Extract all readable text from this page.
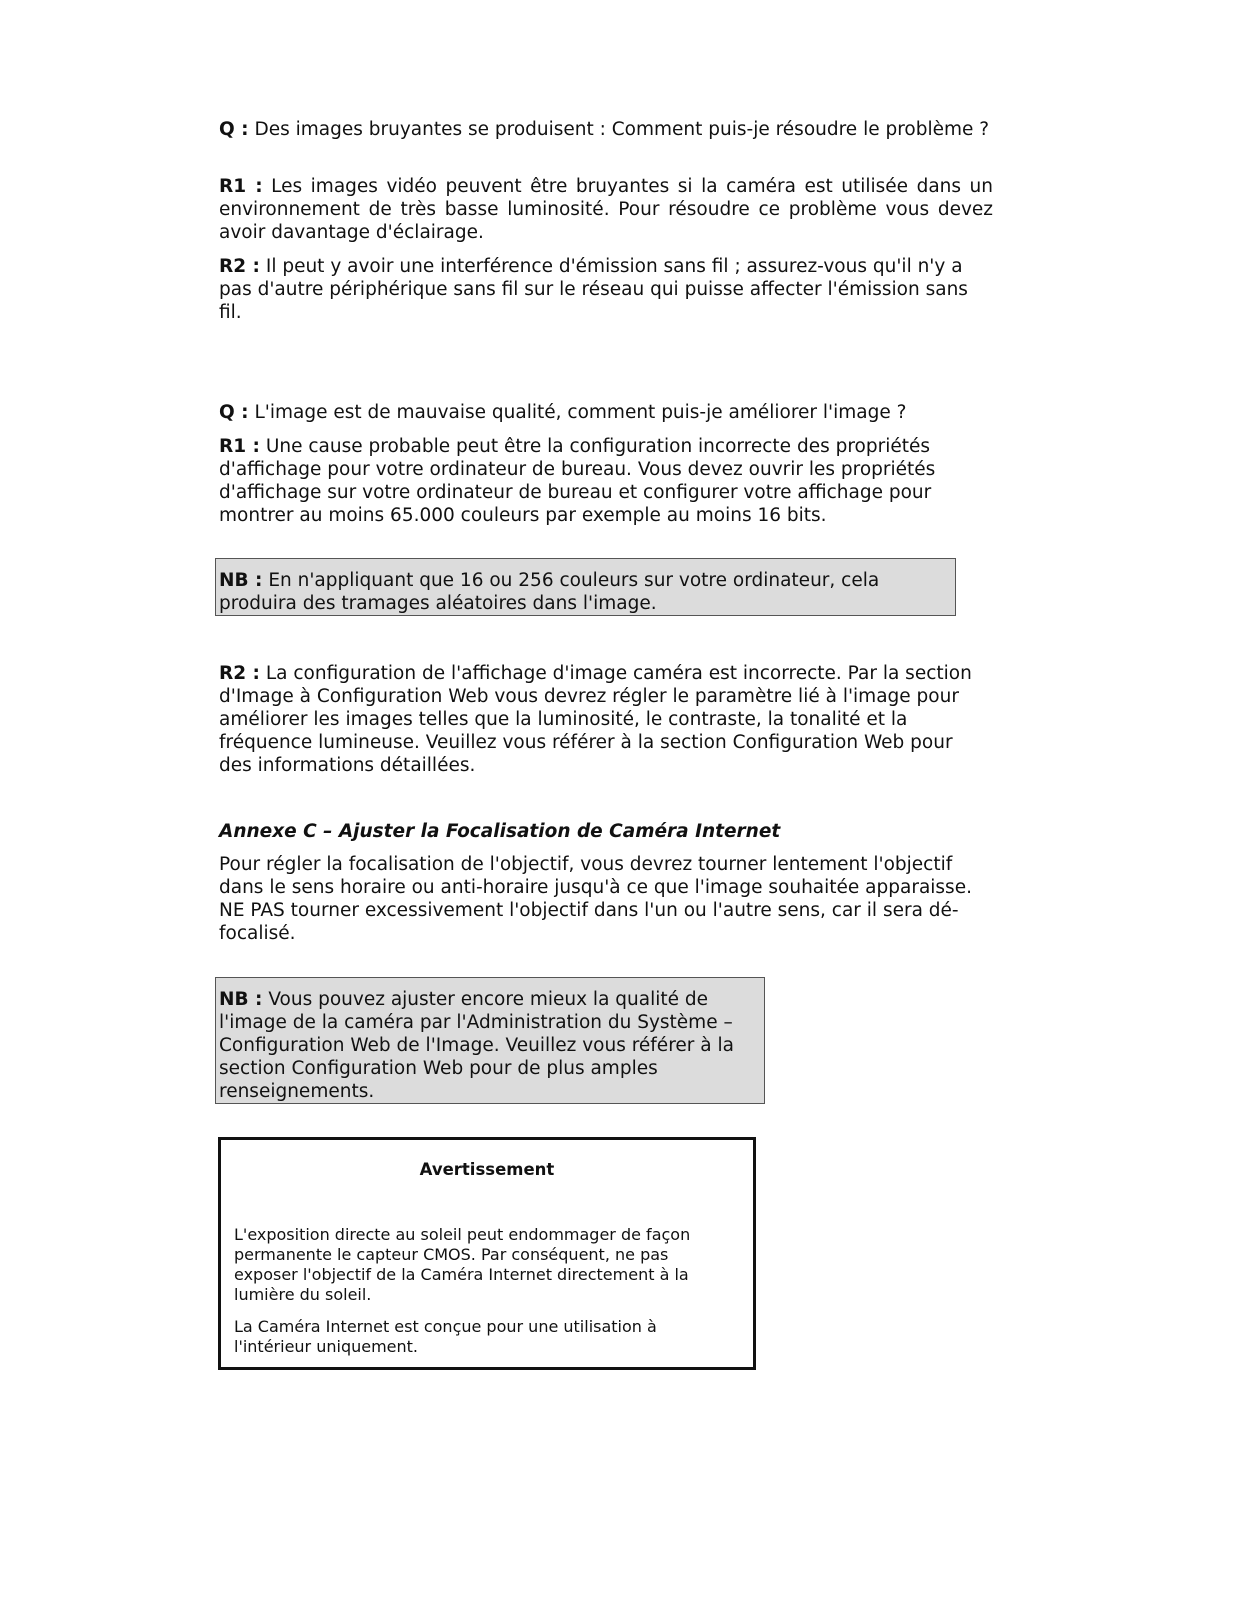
Q : Des images bruyantes se produisent : Comment puis-je résoudre le problème ?

R1 : Les images vidéo peuvent être bruyantes si la caméra est utilisée dans un environnement de très basse luminosité. Pour résoudre ce problème vous devez avoir davantage d'éclairage.

R2 : Il peut y avoir une interférence d'émission sans fil ; assurez-vous qu'il n'y a pas d'autre périphérique sans fil sur le réseau qui puisse affecter l'émission sans fil.

Q : L'image est de mauvaise qualité, comment puis-je améliorer l'image ?

R1 : Une cause probable peut être la configuration incorrecte des propriétés d'affichage pour votre ordinateur de bureau. Vous devez ouvrir les propriétés d'affichage sur votre ordinateur de bureau et configurer votre affichage pour montrer au moins 65.000 couleurs par exemple au moins 16 bits.

NB : En n'appliquant que 16 ou 256 couleurs sur votre ordinateur, cela produira des tramages aléatoires dans l'image.

R2 : La configuration de l'affichage d'image caméra est incorrecte. Par la section d'Image à Configuration Web vous devrez régler le paramètre lié à l'image pour améliorer les images telles que la luminosité, le contraste, la tonalité et la fréquence lumineuse. Veuillez vous référer à la section Configuration Web pour des informations détaillées.

Annexe C – Ajuster la Focalisation de Caméra Internet

Pour régler la focalisation de l'objectif, vous devrez tourner lentement l'objectif dans le sens horaire ou anti-horaire jusqu'à ce que l'image souhaitée apparaisse. NE PAS tourner excessivement l'objectif dans l'un ou l'autre sens, car il sera dé-focalisé.

NB : Vous pouvez ajuster encore mieux la qualité de l'image de la caméra par l'Administration du Système – Configuration Web de l'Image. Veuillez vous référer à la section Configuration Web pour de plus amples renseignements.

Avertissement

L'exposition directe au soleil peut endommager de façon permanente le capteur CMOS. Par conséquent, ne pas exposer l'objectif de la Caméra Internet directement à la lumière du soleil.

La Caméra Internet est conçue pour une utilisation à l'intérieur uniquement.
